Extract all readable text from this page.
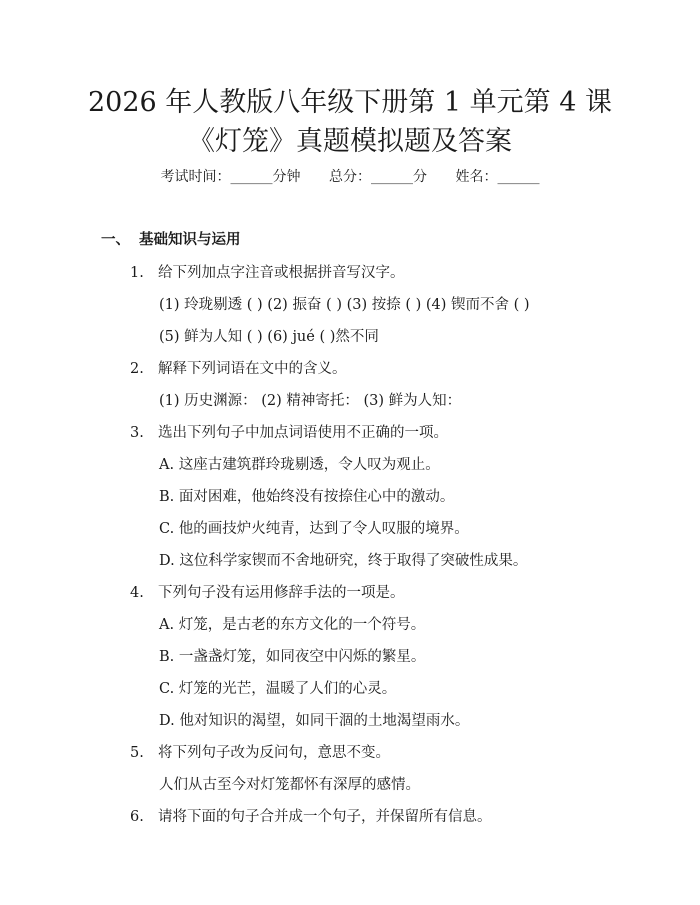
2026 年人教版八年级下册第 1 单元第 4 课
《灯笼》真题模拟题及答案
考试时间：______分钟 总分：______分 姓名：______
一、 基础知识与运用
1. 给下列加点字注音或根据拼音写汉字。
(1) 玲珑剔透 ( ) (2) 振奋 ( ) (3) 按捺 ( ) (4) 锲而不舍 ( )
(5) 鲜为人知 ( ) (6) jué ( )然不同
2. 解释下列词语在文中的含义。
(1) 历史渊源： (2) 精神寄托： (3) 鲜为人知：
3. 选出下列句子中加点词语使用不正确的一项。
A. 这座古建筑群玲珑剔透，令人叹为观止。
B. 面对困难，他始终没有按捺住心中的激动。
C. 他的画技炉火纯青，达到了令人叹服的境界。
D. 这位科学家锲而不舍地研究，终于取得了突破性成果。
4. 下列句子没有运用修辞手法的一项是。
A. 灯笼，是古老的东方文化的一个符号。
B. 一盏盏灯笼，如同夜空中闪烁的繁星。
C. 灯笼的光芒，温暖了人们的心灵。
D. 他对知识的渴望，如同干涸的土地渴望雨水。
5. 将下列句子改为反问句，意思不变。
人们从古至今对灯笼都怀有深厚的感情。
6. 请将下面的句子合并成一个句子，并保留所有信息。
